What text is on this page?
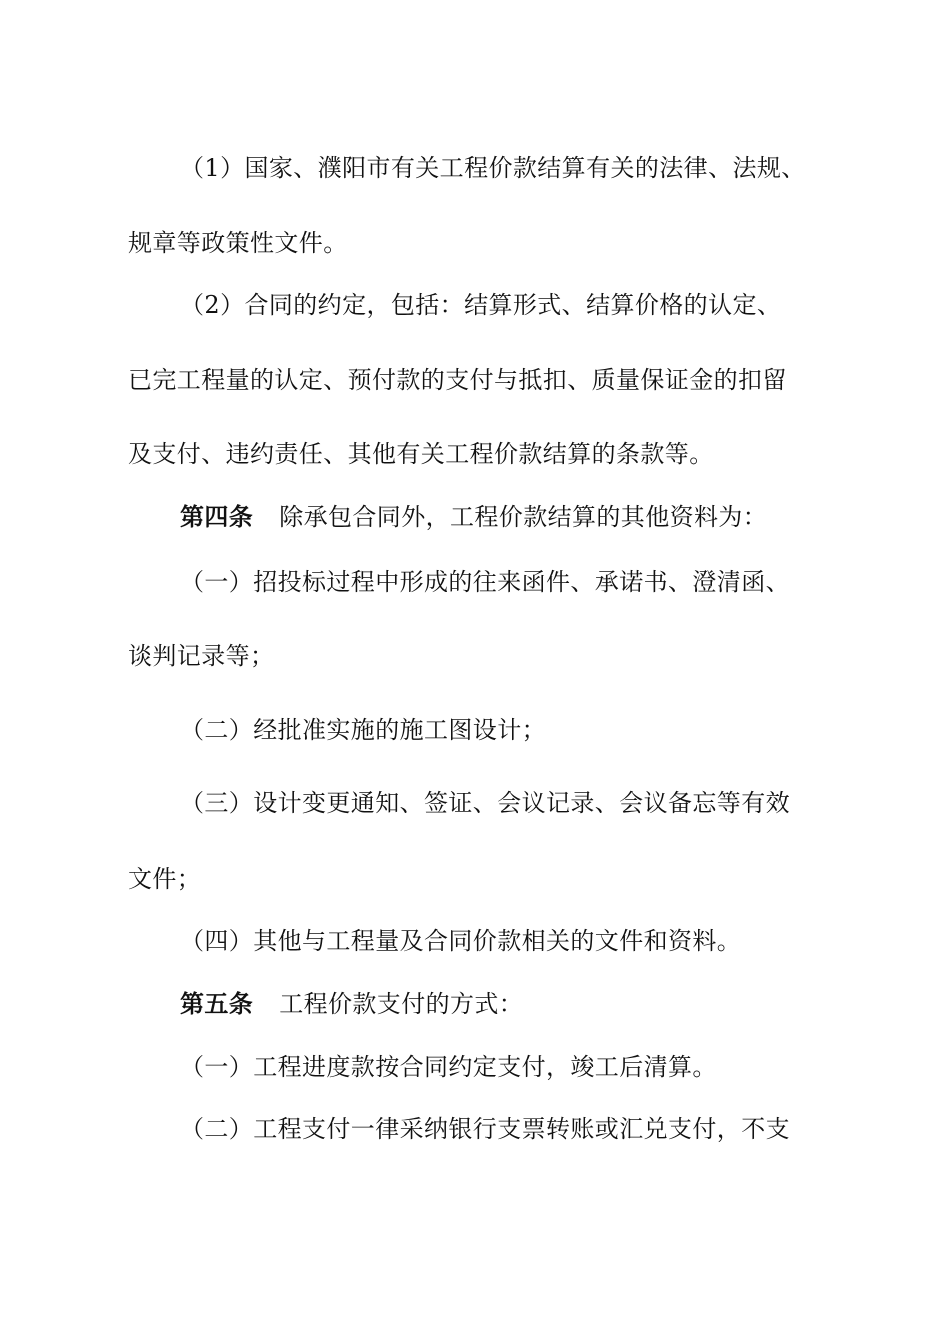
（1）国家、濮阳市有关工程价款结算有关的法律、法规、
规章等政策性文件。
（2）合同的约定，包括：结算形式、结算价格的认定、
已完工程量的认定、预付款的支付与抵扣、质量保证金的扣留
及支付、违约责任、其他有关工程价款结算的条款等。
第四条 除承包合同外，工程价款结算的其他资料为：
（一）招投标过程中形成的往来函件、承诺书、澄清函、
谈判记录等；
（二）经批准实施的施工图设计；
（三）设计变更通知、签证、会议记录、会议备忘等有效
文件；
（四）其他与工程量及合同价款相关的文件和资料。
第五条 工程价款支付的方式：
（一）工程进度款按合同约定支付，竣工后清算。
（二）工程支付一律采纳银行支票转账或汇兑支付，不支
